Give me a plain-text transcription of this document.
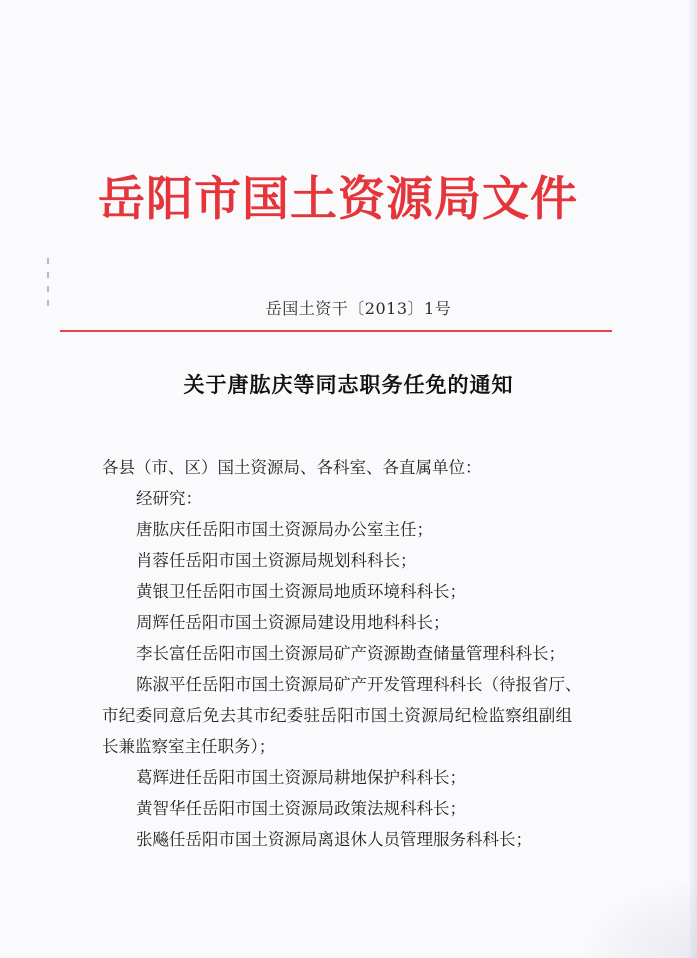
岳阳市国土资源局文件
岳国土资干〔2013〕1号
关于唐肱庆等同志职务任免的通知
各县（市、区）国土资源局、各科室、各直属单位：
经研究：
唐肱庆任岳阳市国土资源局办公室主任；
肖蓉任岳阳市国土资源局规划科科长；
黄银卫任岳阳市国土资源局地质环境科科长；
周辉任岳阳市国土资源局建设用地科科长；
李长富任岳阳市国土资源局矿产资源勘查储量管理科科长；
陈淑平任岳阳市国土资源局矿产开发管理科科长（待报省厅、
市纪委同意后免去其市纪委驻岳阳市国土资源局纪检监察组副组
长兼监察室主任职务）；
葛辉进任岳阳市国土资源局耕地保护科科长；
黄智华任岳阳市国土资源局政策法规科科长；
张飚任岳阳市国土资源局离退休人员管理服务科科长；
